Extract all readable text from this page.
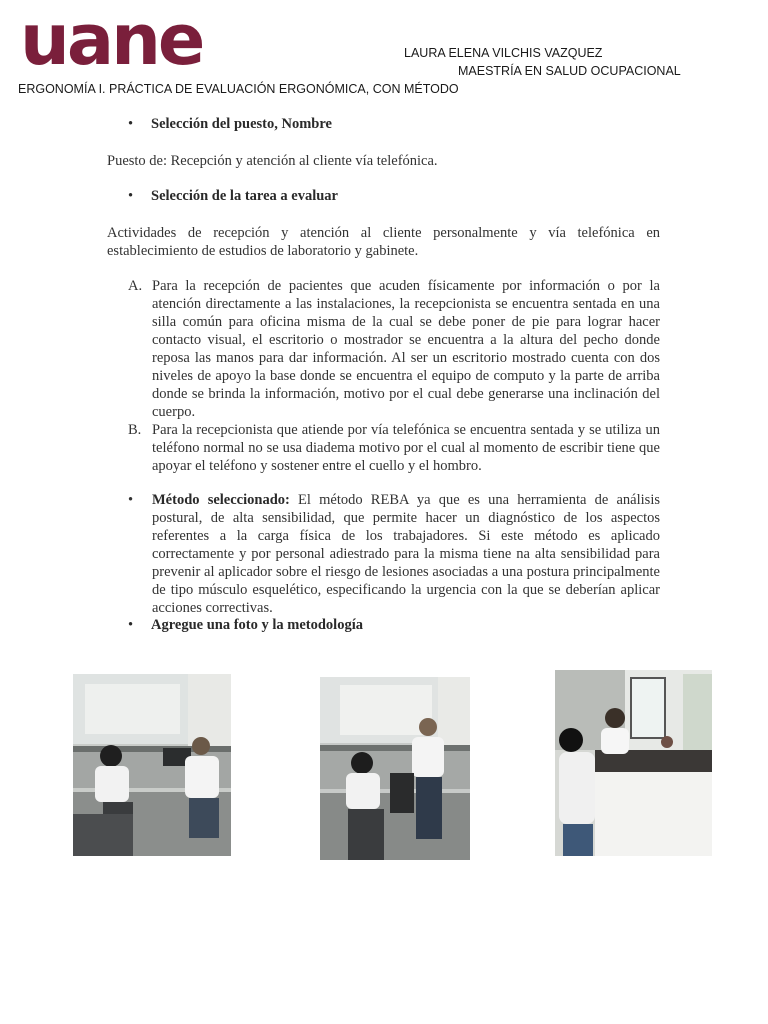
uane	LAURA ELENA VILCHIS VAZQUEZ
MAESTRÍA EN SALUD OCUPACIONAL
ERGONOMÍA I. PRÁCTICA DE EVALUACIÓN ERGONÓMICA, CON MÉTODO
• Selección del puesto, Nombre
Puesto de: Recepción y atención al cliente vía telefónica.
• Selección de la tarea a evaluar
Actividades de recepción y atención al cliente personalmente y vía telefónica en establecimiento de estudios de laboratorio y gabinete.
A. Para la recepción de pacientes que acuden físicamente por información o por la atención directamente a las instalaciones, la recepcionista se encuentra sentada en una silla común para oficina misma de la cual se debe poner de pie para lograr hacer contacto visual, el escritorio o mostrador se encuentra a la altura del pecho donde reposa las manos para dar información. Al ser un escritorio mostrado cuenta con dos niveles de apoyo la base donde se encuentra el equipo de computo y la parte de arriba donde se brinda la información, motivo por el cual debe generarse una inclinación del cuerpo.
B. Para la recepcionista que atiende por vía telefónica se encuentra sentada y se utiliza un teléfono normal no se usa diadema motivo por el cual al momento de escribir tiene que apoyar el teléfono y sostener entre el cuello y el hombro.
•	Método seleccionado: El método REBA ya que es una herramienta de análisis postural, de alta sensibilidad, que permite hacer un diagnóstico de los aspectos referentes a la carga física de los trabajadores. Si este método es aplicado correctamente y por personal adiestrado para la misma tiene na alta sensibilidad para prevenir al aplicador sobre el riesgo de lesiones asociadas a una postura principalmente de tipo músculo esquelético, especificando la urgencia con la que se deberían aplicar acciones correctivas.
• Agregue una foto y la metodología
